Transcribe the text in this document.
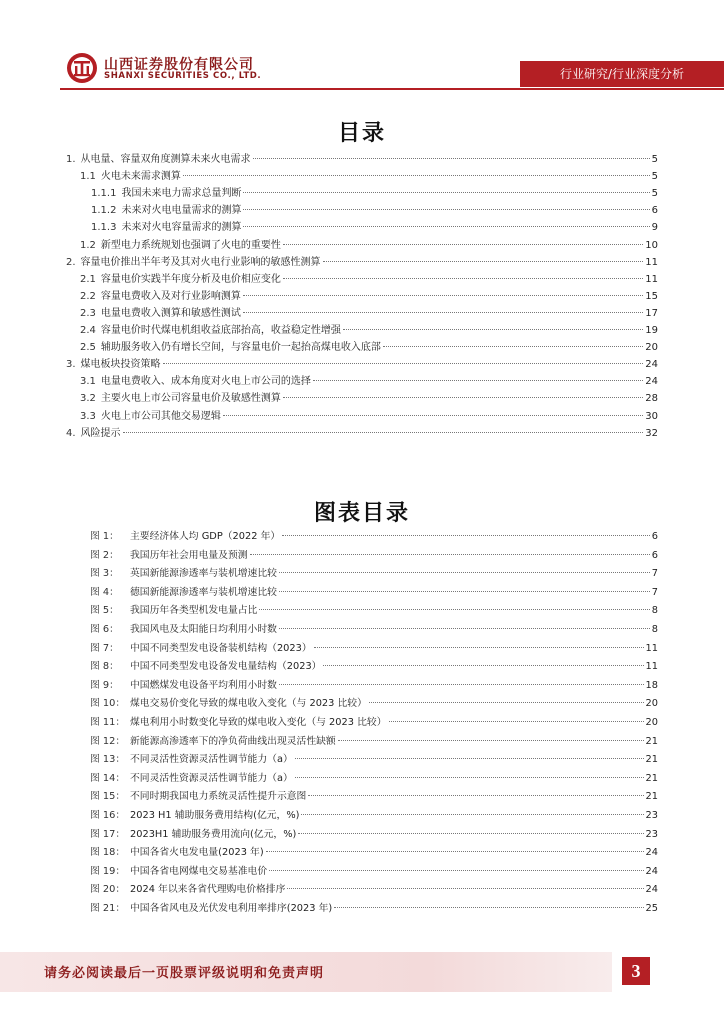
山西证券股份有限公司
SHANXI SECURITIES CO., LTD.	行业研究/行业深度分析
目录
1. 从电量、容量双角度测算未来火电需求	5
1.1 火电未来需求测算	5
1.1.1 我国未来电力需求总量判断	5
1.1.2 未来对火电电量需求的测算	6
1.1.3 未来对火电容量需求的测算	9
1.2 新型电力系统规划也强调了火电的重要性	10
2. 容量电价推出半年考及其对火电行业影响的敏感性测算	11
2.1 容量电价实践半年度分析及电价相应变化	11
2.2 容量电费收入及对行业影响测算	15
2.3 电量电费收入测算和敏感性测试	17
2.4 容量电价时代煤电机组收益底部抬高，收益稳定性增强	19
2.5 辅助服务收入仍有增长空间，与容量电价一起抬高煤电收入底部	20
3. 煤电板块投资策略	24
3.1 电量电费收入、成本角度对火电上市公司的选择	24
3.2 主要火电上市公司容量电价及敏感性测算	28
3.3 火电上市公司其他交易逻辑	30
4. 风险提示	32
图表目录
图 1：	主要经济体人均 GDP（2022 年）	6
图 2：	我国历年社会用电量及预测	6
图 3：	英国新能源渗透率与装机增速比较	7
图 4：	德国新能源渗透率与装机增速比较	7
图 5：	我国历年各类型机发电量占比	8
图 6：	我国风电及太阳能日均利用小时数	8
图 7：	中国不同类型发电设备装机结构（2023）	11
图 8：	中国不同类型发电设备发电量结构（2023）	11
图 9：	中国燃煤发电设备平均利用小时数	18
图 10： 煤电交易价变化导致的煤电收入变化（与 2023 比较）	20
图 11： 煤电利用小时数变化导致的煤电收入变化（与 2023 比较）	20
图 12： 新能源高渗透率下的净负荷曲线出现灵活性缺额	21
图 13： 不同灵活性资源灵活性调节能力（a）	21
图 14： 不同灵活性资源灵活性调节能力（a）	21
图 15： 不同时期我国电力系统灵活性提升示意图	21
图 16： 2023 H1 辅助服务费用结构(亿元，%)	23
图 17： 2023H1 辅助服务费用流向(亿元，%)	23
图 18： 中国各省火电发电量(2023 年)	24
图 19： 中国各省电网煤电交易基准电价	24
图 20： 2024 年以来各省代理购电价格排序	24
图 21： 中国各省风电及光伏发电利用率排序(2023 年)	25
请务必阅读最后一页股票评级说明和免责声明	3
